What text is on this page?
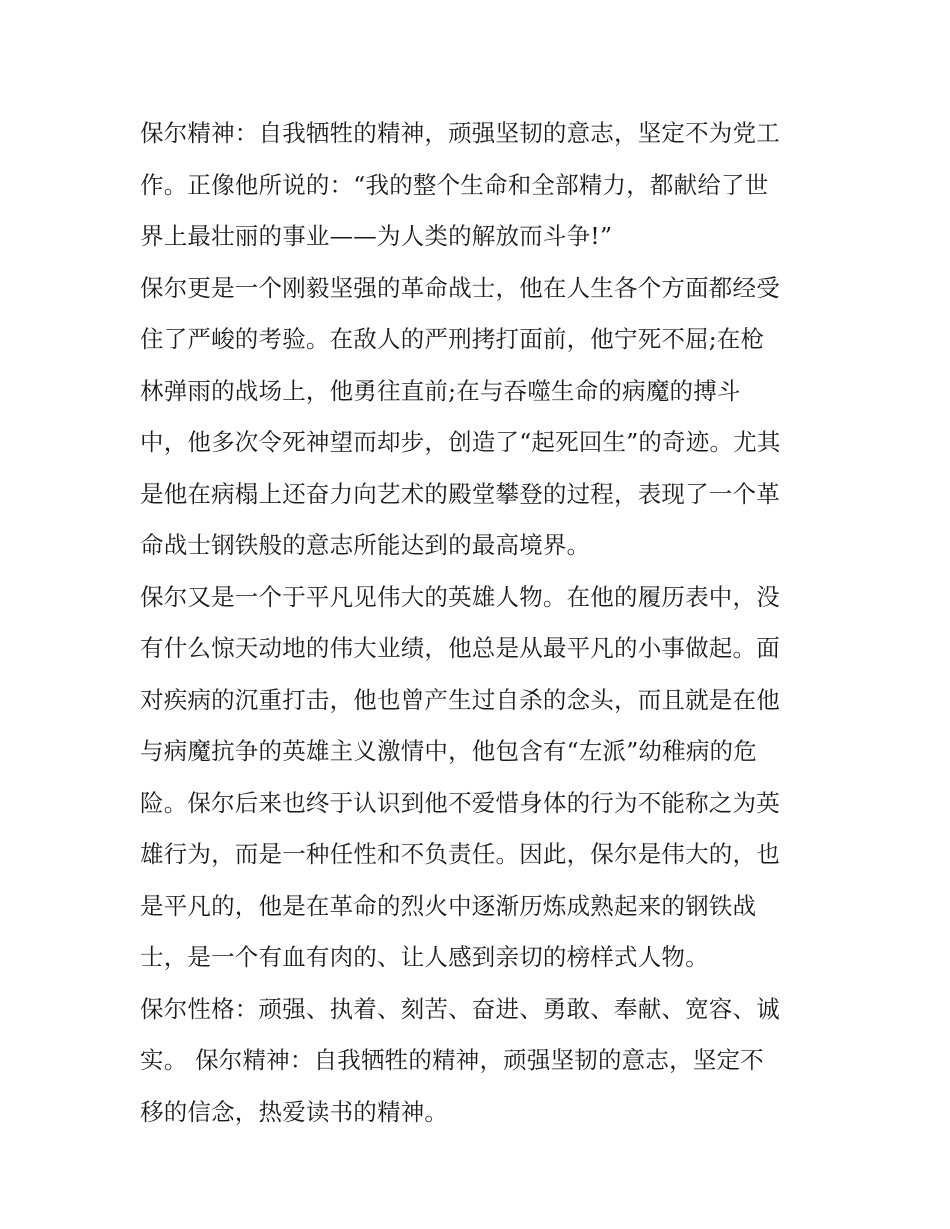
保尔精神：自我牺牲的精神，顽强坚韧的意志，坚定不为党工
作。正像他所说的：“我的整个生命和全部精力，都献给了世
界上最壮丽的事业——为人类的解放而斗争!”
保尔更是一个刚毅坚强的革命战士，他在人生各个方面都经受
住了严峻的考验。在敌人的严刑拷打面前，他宁死不屈;在枪
林弹雨的战场上，他勇往直前;在与吞噬生命的病魔的搏斗
中，他多次令死神望而却步，创造了“起死回生”的奇迹。尤其
是他在病榻上还奋力向艺术的殿堂攀登的过程，表现了一个革
命战士钢铁般的意志所能达到的最高境界。
保尔又是一个于平凡见伟大的英雄人物。在他的履历表中，没
有什么惊天动地的伟大业绩，他总是从最平凡的小事做起。面
对疾病的沉重打击，他也曾产生过自杀的念头，而且就是在他
与病魔抗争的英雄主义激情中，他包含有“左派”幼稚病的危
险。保尔后来也终于认识到他不爱惜身体的行为不能称之为英
雄行为，而是一种任性和不负责任。因此，保尔是伟大的，也
是平凡的，他是在革命的烈火中逐渐历炼成熟起来的钢铁战
士，是一个有血有肉的、让人感到亲切的榜样式人物。
保尔性格：顽强、执着、刻苦、奋进、勇敢、奉献、宽容、诚
实。 保尔精神：自我牺牲的精神，顽强坚韧的意志，坚定不
移的信念，热爱读书的精神。
